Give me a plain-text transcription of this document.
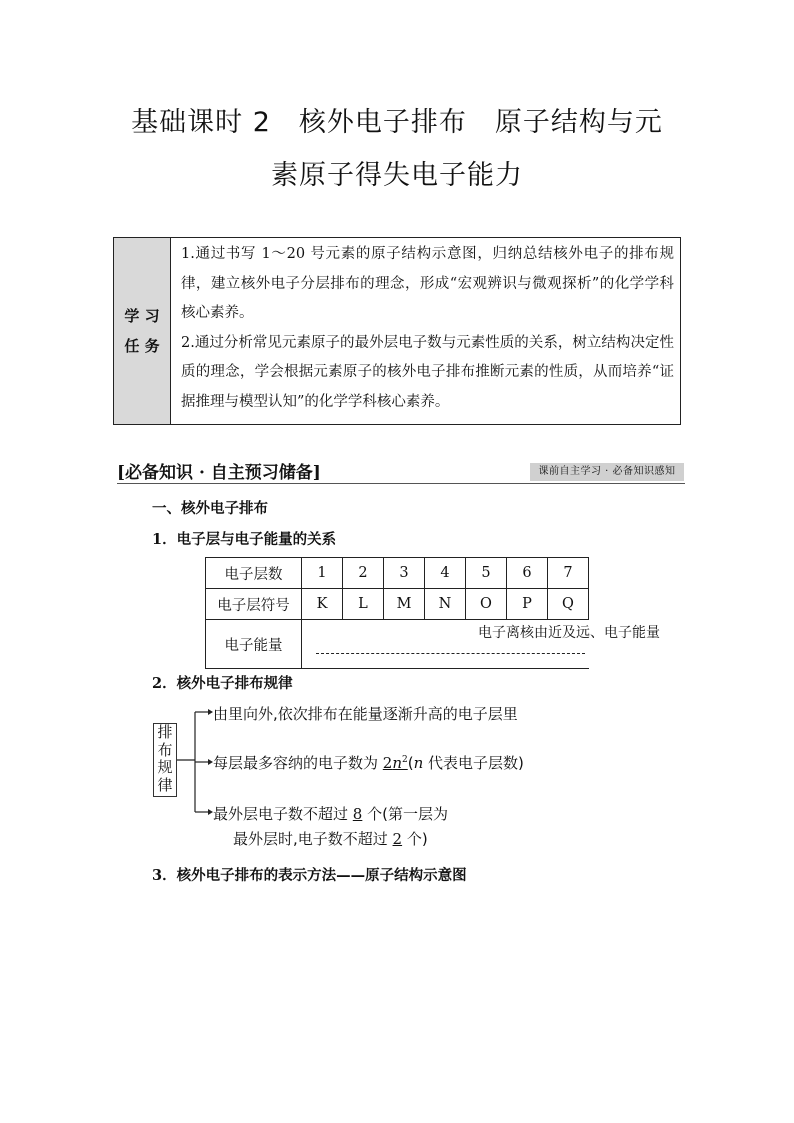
基础课时 2　核外电子排布　原子结构与元
素原子得失电子能力
学 习
任 务

1.通过书写 1～20 号元素的原子结构示意图，归纳总结核外电子的排布规律，建立核外电子分层排布的理念，形成“宏观辨识与微观探析”的化学学科核心素养。

2.通过分析常见元素原子的最外层电子数与元素性质的关系，树立结构决定性质的理念，学会根据元素原子的核外电子排布推断元素的性质，从而培养“证据推理与模型认知”的化学学科核心素养。

[必备知识 · 自主预习储备]	课前自主学习 · 必备知识感知
一、核外电子排布
1．电子层与电子能量的关系
电子层数	1	2	3	4	5	6	7
电子层符号	K	L	M	N	O	P	Q
电子能量	电子离核由近及远、电子能量						
2．核外电子排布规律
排
布
规
律
由里向外,依次排布在能量逐渐升高的电子层里
每层最多容纳的电子数为 $2n^2(n$ 代表电子层数)
最外层电子数不超过 8 个(第一层为
最外层时,电子数不超过 2 个)
3．核外电子排布的表示方法——原子结构示意图
